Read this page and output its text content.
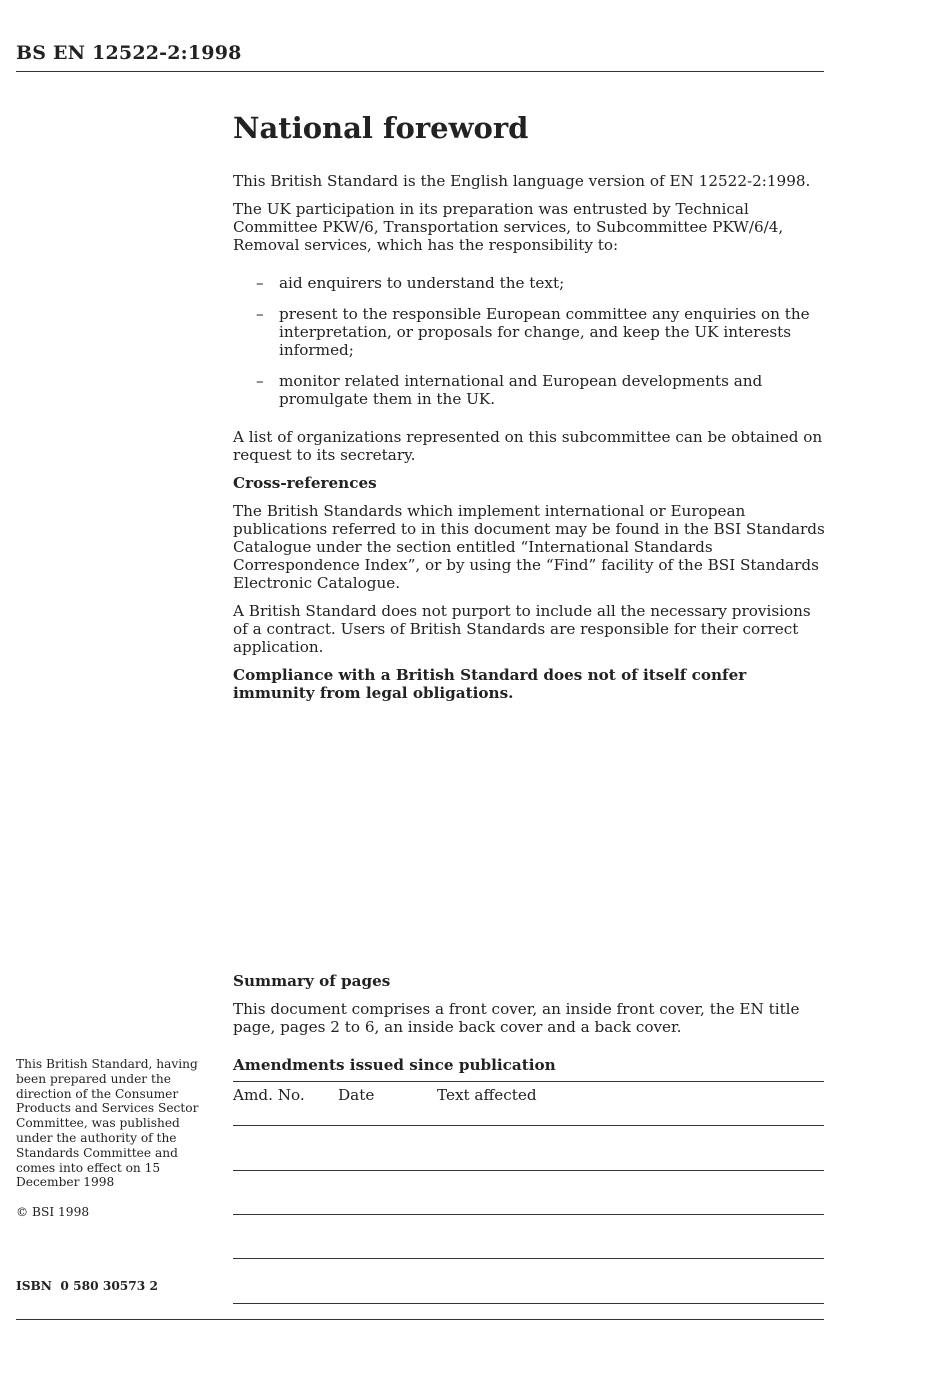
BS EN 12522-2:1998
National foreword

This British Standard is the English language version of EN 12522-2:1998.

The UK participation in its preparation was entrusted by Technical Committee PKW/6, Transportation services, to Subcommittee PKW/6/4, Removal services, which has the responsibility to:

– aid enquirers to understand the text;
– present to the responsible European committee any enquiries on the interpretation, or proposals for change, and keep the UK interests informed;
– monitor related international and European developments and promulgate them in the UK.

A list of organizations represented on this subcommittee can be obtained on request to its secretary.

Cross-references

The British Standards which implement international or European publications referred to in this document may be found in the BSI Standards Catalogue under the section entitled “International Standards Correspondence Index”, or by using the “Find” facility of the BSI Standards Electronic Catalogue.

A British Standard does not purport to include all the necessary provisions of a contract. Users of British Standards are responsible for their correct application.

Compliance with a British Standard does not of itself confer immunity from legal obligations.

Summary of pages

This document comprises a front cover, an inside front cover, the EN title page, pages 2 to 6, an inside back cover and a back cover.

Amendments issued since publication
Amd. No. Date	Text affected
This British Standard, having been prepared under the direction of the Consumer Products and Services Sector Committee, was published under the authority of the Standards Committee and comes into effect on 15 December 1998
© BSI 1998
ISBN  0 580 30573 2
